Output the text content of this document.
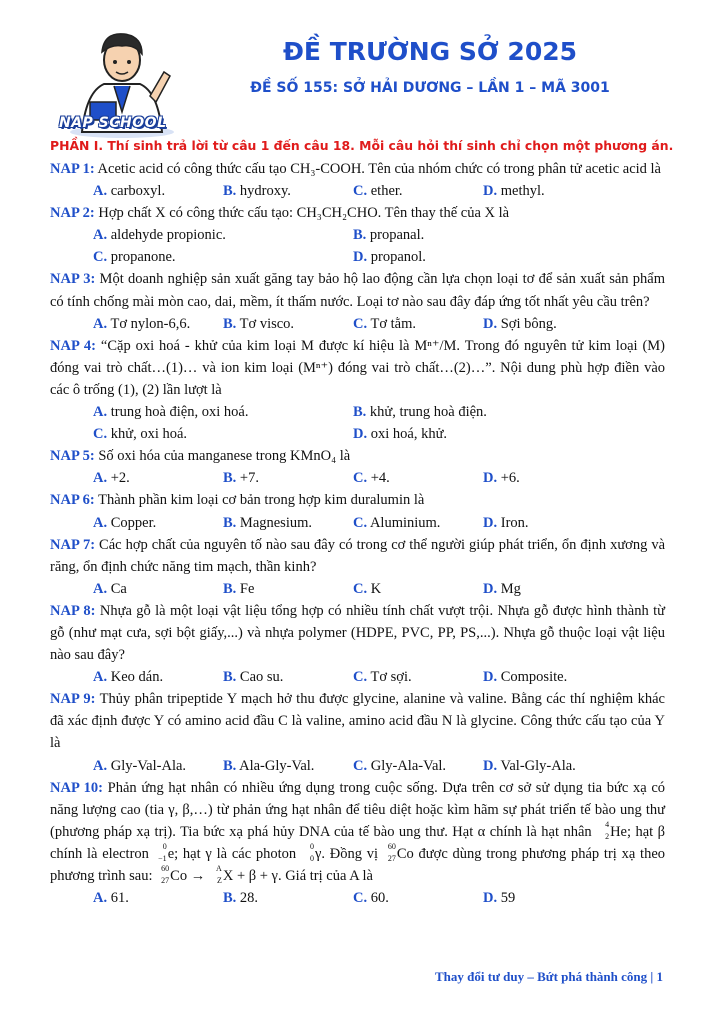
NAP SCHOOL
ĐỀ TRƯỜNG SỞ 2025
ĐỀ SỐ 155: SỞ HẢI DƯƠNG – LẦN 1 – MÃ 3001
PHẦN I. Thí sinh trả lời từ câu 1 đến câu 18. Mỗi câu hỏi thí sinh chỉ chọn một phương án.

NAP 1: Acetic acid có công thức cấu tạo CH₃-COOH. Tên của nhóm chức có trong phân tử acetic acid là

A. carboxyl.	B. hydroxy.	C. ether.	D. methyl.

NAP 2: Hợp chất X có công thức cấu tạo: CH₃CH₂CHO. Tên thay thế của X là

A. aldehyde propionic.	B. propanal.
C. propanone.	D. propanol.

NAP 3: Một doanh nghiệp sản xuất găng tay bảo hộ lao động cần lựa chọn loại tơ để sản xuất sản phẩm có tính chống mài mòn cao, dai, mềm, ít thấm nước. Loại tơ nào sau đây đáp ứng tốt nhất yêu cầu trên?

A. Tơ nylon-6,6.	B. Tơ visco.	C. Tơ tằm.	D. Sợi bông.

NAP 4: “Cặp oxi hoá - khử của kim loại M được kí hiệu là Mⁿ⁺/M. Trong đó nguyên tử kim loại (M) đóng vai trò chất…(1)… và ion kim loại (Mⁿ⁺) đóng vai trò chất…(2)…”. Nội dung phù hợp điền vào các ô trống (1), (2) lần lượt là

A. trung hoà điện, oxi hoá.	B. khử, trung hoà điện.
C. khử, oxi hoá.	D. oxi hoá, khử.

NAP 5: Số oxi hóa của manganese trong KMnO₄ là

A. +2.	B. +7.	C. +4.	D. +6.

NAP 6: Thành phần kim loại cơ bản trong hợp kim duralumin là

A. Copper.	B. Magnesium.	C. Aluminium.	D. Iron.

NAP 7: Các hợp chất của nguyên tố nào sau đây có trong cơ thể người giúp phát triển, ổn định xương và răng, ổn định chức năng tim mạch, thần kinh?

A. Ca	B. Fe	C. K	D. Mg

NAP 8: Nhựa gỗ là một loại vật liệu tổng hợp có nhiều tính chất vượt trội. Nhựa gỗ được hình thành từ gỗ (như mạt cưa, sợi bột giấy,...) và nhựa polymer (HDPE, PVC, PP, PS,...). Nhựa gỗ thuộc loại vật liệu nào sau đây?

A. Keo dán.	B. Cao su.	C. Tơ sợi.	D. Composite.

NAP 9: Thủy phân tripeptide Y mạch hở thu được glycine, alanine và valine. Bằng các thí nghiệm khác đã xác định được Y có amino acid đầu C là valine, amino acid đầu N là glycine. Công thức cấu tạo của Y là

A. Gly-Val-Ala.	B. Ala-Gly-Val.	C. Gly-Ala-Val.	D. Val-Gly-Ala.

NAP 10: Phản ứng hạt nhân có nhiều ứng dụng trong cuộc sống. Dựa trên cơ sở sử dụng tia bức xạ có năng lượng cao (tia γ, β,…) từ phản ứng hạt nhân để tiêu diệt hoặc kìm hãm sự phát triển tế bào ung thư (phương pháp xạ trị). Tia bức xạ phá hủy DNA của tế bào ung thư. Hạt α chính là hạt nhân 4
2 He; hạt β chính là electron 0
−1 e; hạt γ là các photon 0
0 γ. Đồng vị 60
27 Co được dùng trong phương pháp trị xạ theo phương trình sau: 60
27 Co → A
Z X + β + γ. Giá trị của A là

A. 61.	B. 28.	C. 60.	D. 59
Thay đổi tư duy – Bứt phá thành công | 1
